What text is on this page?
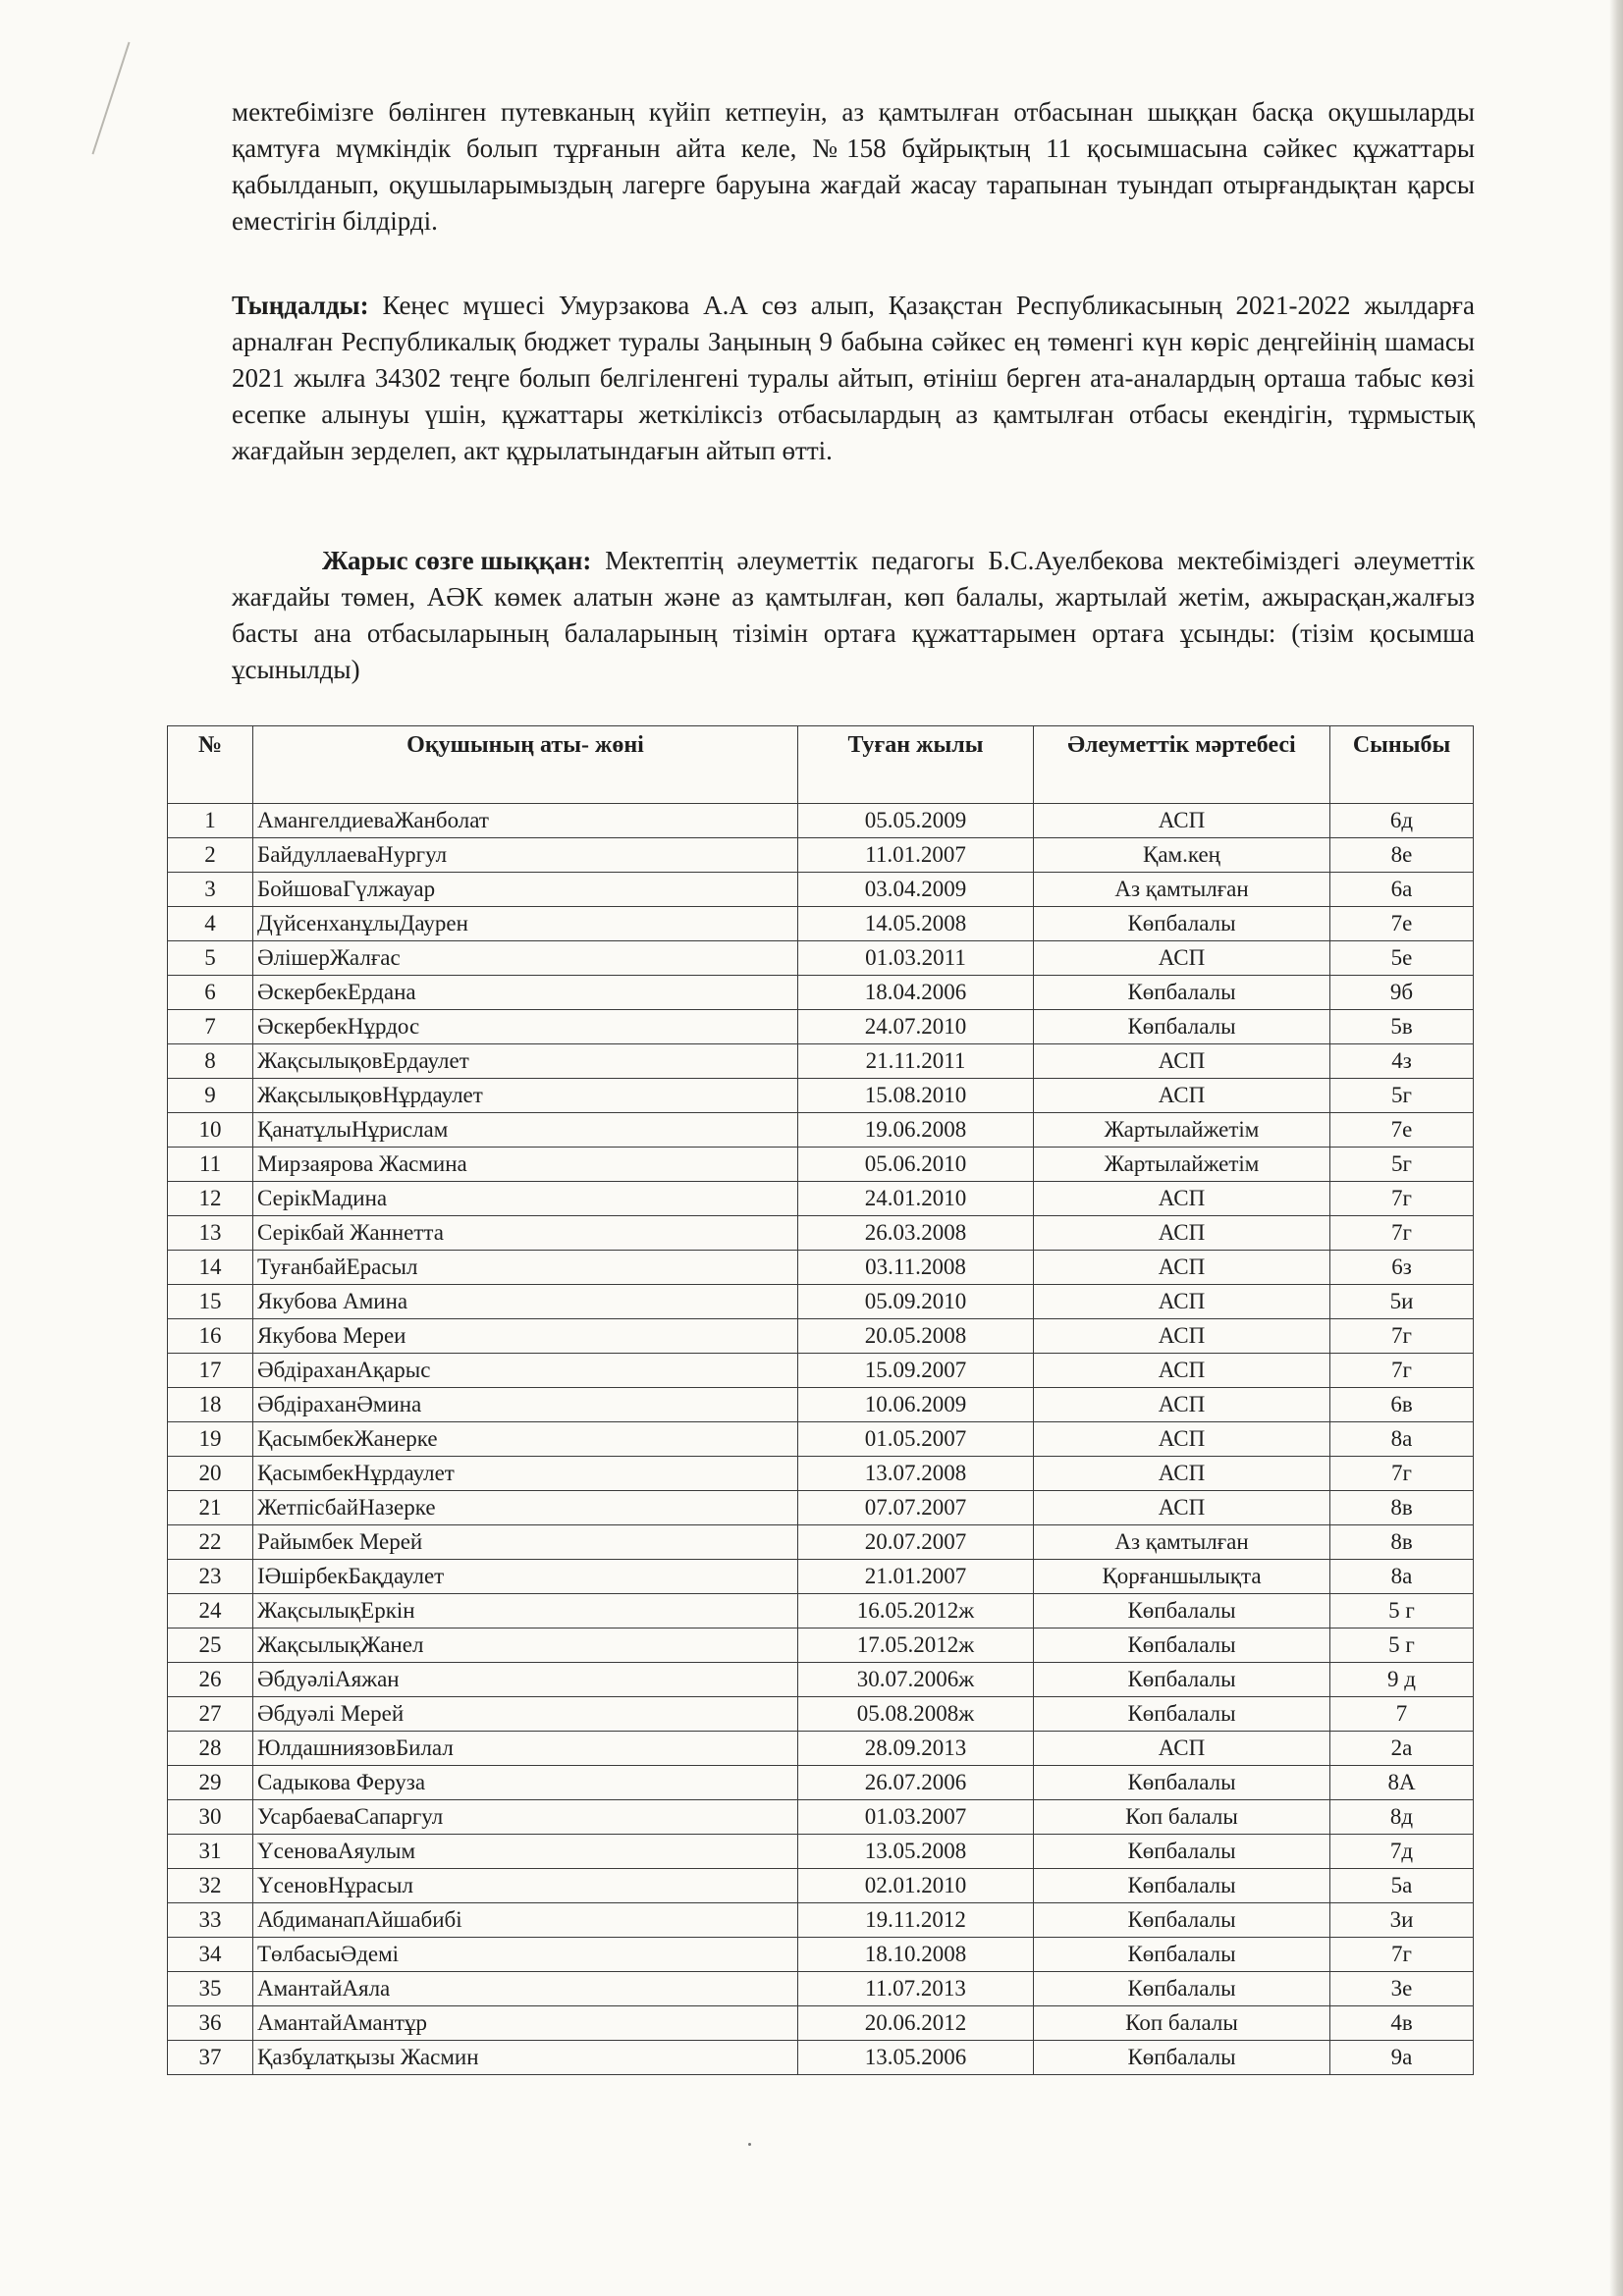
мектебімізге бөлінген путевканың күйіп кетпеуін, аз қамтылған отбасынан шыққан басқа оқушыларды қамтуға мүмкіндік болып тұрғанын айта келе, №158 бұйрықтың 11 қосымшасына сәйкес құжаттары қабылданып, оқушыларымыздың лагерге баруына жағдай жасау тарапынан туындап отырғандықтан қарсы еместігін білдірді.

Тыңдалды: Кеңес мүшесі Умурзакова А.А сөз алып, Қазақстан Республикасының 2021-2022 жылдарға арналған Республикалық бюджет туралы Заңының 9 бабына сәйкес ең төменгі күн көріс деңгейінің шамасы 2021 жылға 34302 теңге болып белгіленгені туралы айтып, өтініш берген ата-аналардың орташа табыс көзі есепке алынуы үшін, құжаттары жеткіліксіз отбасылардың аз қамтылған отбасы екендігін, тұрмыстық жағдайын зерделеп, акт құрылатындағын айтып өтті.

Жарыс сөзге шыққан: Мектептің әлеуметтік педагогы Б.С.Ауелбекова мектебіміздегі әлеуметтік жағдайы төмен, АӘК көмек алатын және аз қамтылған, көп балалы, жартылай жетім, ажырасқан,жалғыз басты ана отбасыларының балаларының тізімін ортаға құжаттарымен ортаға ұсынды: (тізім қосымша ұсынылды)

№	Оқушының аты- жөні	Туған жылы	Әлеуметтік мәртебесі	Сыныбы
1	АмангелдиеваЖанболат	05.05.2009	АСП	6д
2	БайдуллаеваНургул	11.01.2007	Қам.кең	8е
3	БойшоваГүлжауар	03.04.2009	Аз қамтылған	6а
4	ДүйсенханұлыДаурен	14.05.2008	Көпбалалы	7е
5	ӘлішерЖалғас	01.03.2011	АСП	5е
6	ӘскербекЕрдана	18.04.2006	Көпбалалы	9б
7	ӘскербекНұрдос	24.07.2010	Көпбалалы	5в
8	ЖақсылықовЕрдаулет	21.11.2011	АСП	4з
9	ЖақсылықовНұрдаулет	15.08.2010	АСП	5г
10	ҚанатұлыНұрислам	19.06.2008	Жартылайжетім	7е
11	Мирзаярова Жасмина	05.06.2010	Жартылайжетім	5г
12	СерікМадина	24.01.2010	АСП	7г
13	Серікбай Жаннетта	26.03.2008	АСП	7г
14	ТуғанбайЕрасыл	03.11.2008	АСП	6з
15	Якубова Амина	05.09.2010	АСП	5и
16	Якубова Мереи	20.05.2008	АСП	7г
17	ӘбдіраханАқарыс	15.09.2007	АСП	7г
18	ӘбдіраханӘмина	10.06.2009	АСП	6в
19	ҚасымбекЖанерке	01.05.2007	АСП	8а
20	ҚасымбекНұрдаулет	13.07.2008	АСП	7г
21	ЖетпісбайНазерке	07.07.2007	АСП	8в
22	Райымбек Мерей	20.07.2007	Аз қамтылған	8в
23	ІӘшірбекБақдаулет	21.01.2007	Қорғаншылықта	8а
24	ЖақсылықЕркін	16.05.2012ж	Көпбалалы	5 г
25	ЖақсылықЖанел	17.05.2012ж	Көпбалалы	5 г
26	ӘбдуәліАяжан	30.07.2006ж	Көпбалалы	9 д
27	Әбдуәлі Мерей	05.08.2008ж	Көпбалалы	7
28	ЮлдашниязовБилал	28.09.2013	АСП	2а
29	Садыкова Феруза	26.07.2006	Көпбалалы	8А
30	УсарбаеваСапаргул	01.03.2007	Коп балалы	8д
31	ҮсеноваАяулым	13.05.2008	Көпбалалы	7д
32	ҮсеновНұрасыл	02.01.2010	Көпбалалы	5а
33	АбдиманапАйшабибі	19.11.2012	Көпбалалы	3и
34	ТөлбасыӘдемі	18.10.2008	Көпбалалы	7г
35	АмантайАяла	11.07.2013	Көпбалалы	3е
36	АмантайАмантұр	20.06.2012	Коп балалы	4в
37	Қазбұлатқызы Жасмин	13.05.2006	Көпбалалы	9а
